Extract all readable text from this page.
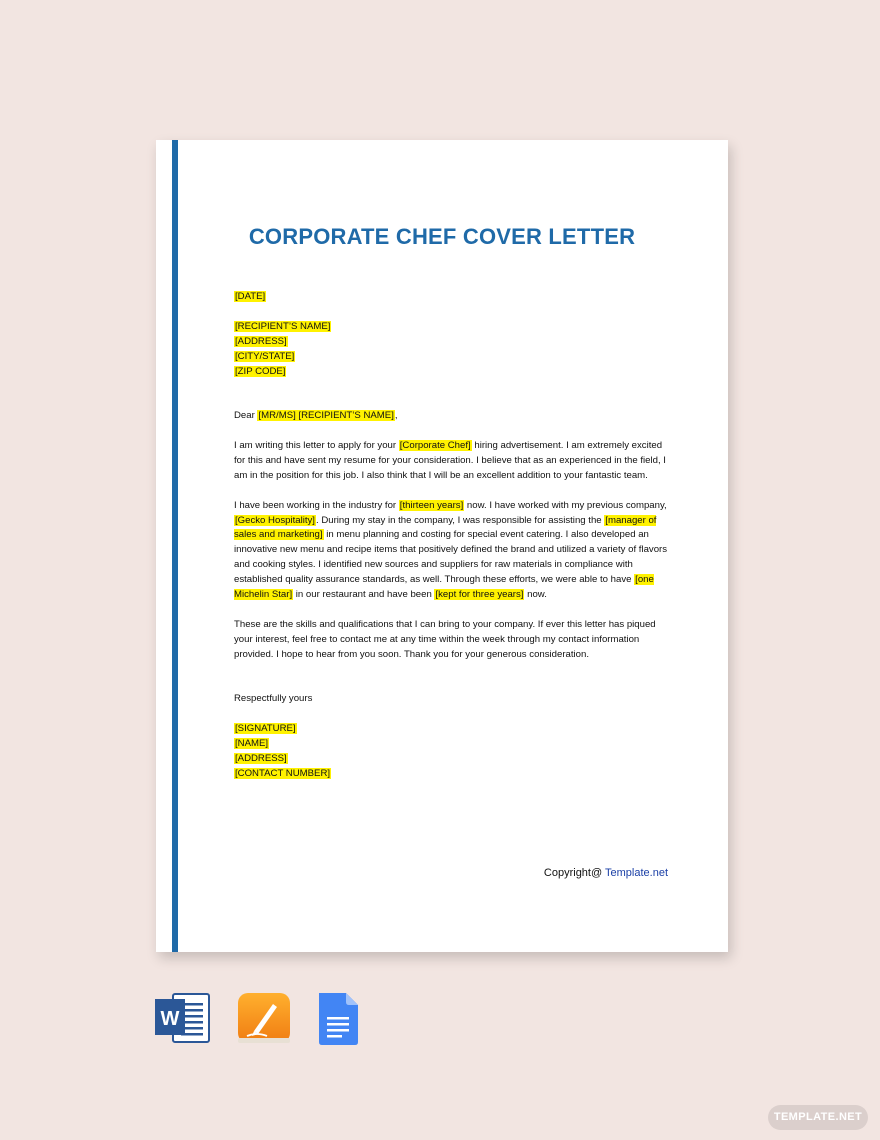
CORPORATE CHEF COVER LETTER

[DATE]

[RECIPIENT’S NAME]

[ADDRESS]

[CITY/STATE]

[ZIP CODE]

Dear [MR/MS] [RECIPIENT’S NAME],

I am writing this letter to apply for your [Corporate Chef] hiring advertisement. I am extremely excited for this and have sent my resume for your consideration. I believe that as an experienced in the field, I am in the position for this job. I also think that I will be an excellent addition to your fantastic team.

I have been working in the industry for [thirteen years] now. I have worked with my previous company, [Gecko Hospitality]. During my stay in the company, I was responsible for assisting the [manager of sales and marketing] in menu planning and costing for special event catering. I also developed an innovative new menu and recipe items that positively defined the brand and utilized a variety of flavors and cooking styles. I identified new sources and suppliers for raw materials in compliance with established quality assurance standards, as well. Through these efforts, we were able to have [one Michelin Star] in our restaurant and have been [kept for three years] now.

These are the skills and qualifications that I can bring to your company. If ever this letter has piqued your interest, feel free to contact me at any time within the week through my contact information provided. I hope to hear from you soon. Thank you for your generous consideration.

Respectfully yours

[SIGNATURE]

[NAME]

[ADDRESS]

[CONTACT NUMBER]

Copyright@ Template.net
W
TEMPLATE.NET
